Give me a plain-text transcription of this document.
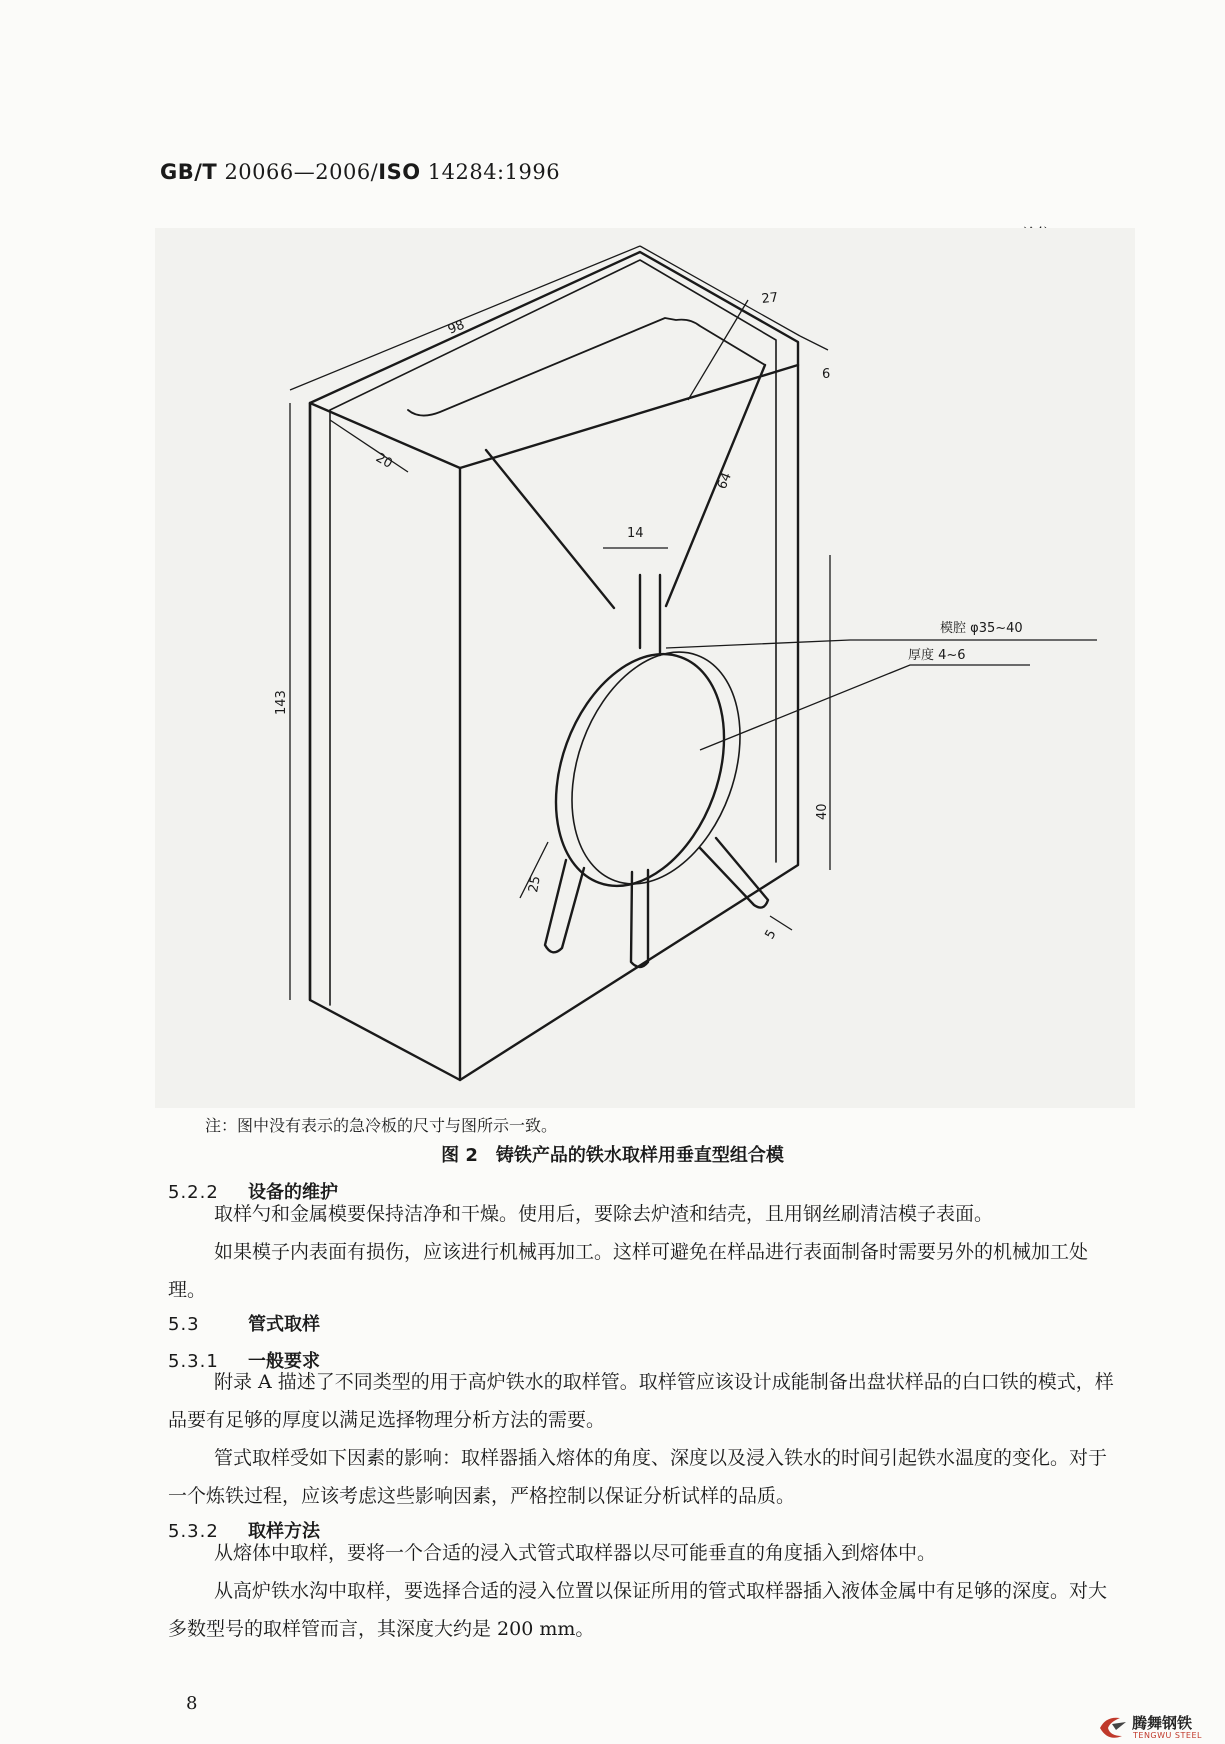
GB/T 20066—2006/ISO 14284:1996
98
27
6
20
64
14
143
40
25
5
模腔 φ35~40
厚度 4~6
注：图中没有表示的急冷板的尺寸与图所示一致。
图 2　铸铁产品的铁水取样用垂直型组合模
5.2.2 设备的维护
取样勺和金属模要保持洁净和干燥。使用后，要除去炉渣和结壳，且用钢丝刷清洁模子表面。
如果模子内表面有损伤，应该进行机械再加工。这样可避免在样品进行表面制备时需要另外的机械加工处理。
5.3	管式取样
5.3.1 一般要求
附录 A 描述了不同类型的用于高炉铁水的取样管。取样管应该设计成能制备出盘状样品的白口铁的模式，样品要有足够的厚度以满足选择物理分析方法的需要。
管式取样受如下因素的影响：取样器插入熔体的角度、深度以及浸入铁水的时间引起铁水温度的变化。对于一个炼铁过程，应该考虑这些影响因素，严格控制以保证分析试样的品质。
5.3.2 取样方法
从熔体中取样，要将一个合适的浸入式管式取样器以尽可能垂直的角度插入到熔体中。
从高炉铁水沟中取样，要选择合适的浸入位置以保证所用的管式取样器插入液体金属中有足够的深度。对大多数型号的取样管而言，其深度大约是 200 mm。
8
腾舞钢铁
TENGWU STEEL
